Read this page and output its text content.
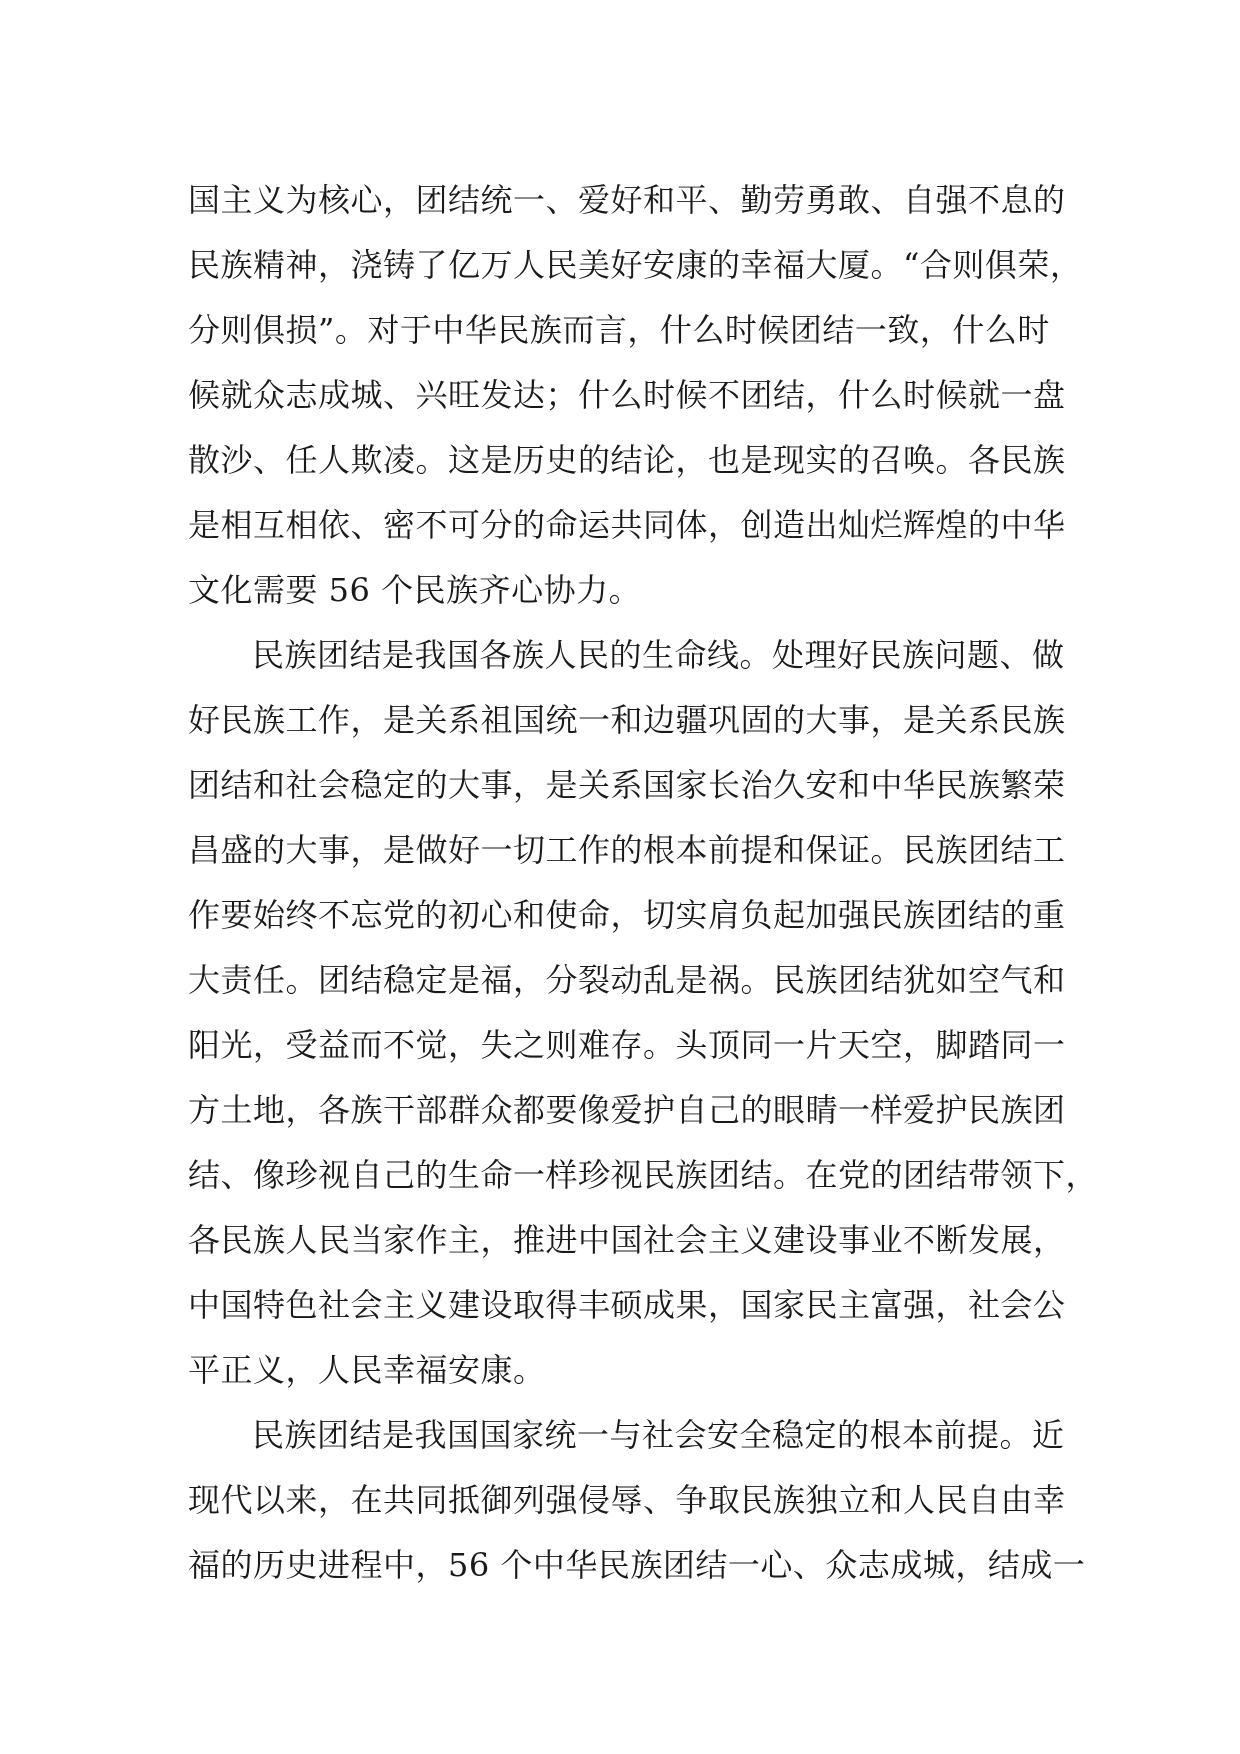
国主义为核心，团结统一、爱好和平、勤劳勇敢、自强不息的
民族精神，浇铸了亿万人民美好安康的幸福大厦。“合则俱荣，
分则俱损”。对于中华民族而言，什么时候团结一致，什么时
候就众志成城、兴旺发达；什么时候不团结，什么时候就一盘
散沙、任人欺凌。这是历史的结论，也是现实的召唤。各民族
是相互相依、密不可分的命运共同体，创造出灿烂辉煌的中华
文化需要 56 个民族齐心协力。
民族团结是我国各族人民的生命线。处理好民族问题、做
好民族工作，是关系祖国统一和边疆巩固的大事，是关系民族
团结和社会稳定的大事，是关系国家长治久安和中华民族繁荣
昌盛的大事，是做好一切工作的根本前提和保证。民族团结工
作要始终不忘党的初心和使命，切实肩负起加强民族团结的重
大责任。团结稳定是福，分裂动乱是祸。民族团结犹如空气和
阳光，受益而不觉，失之则难存。头顶同一片天空，脚踏同一
方土地，各族干部群众都要像爱护自己的眼睛一样爱护民族团
结、像珍视自己的生命一样珍视民族团结。在党的团结带领下，
各民族人民当家作主，推进中国社会主义建设事业不断发展，
中国特色社会主义建设取得丰硕成果，国家民主富强，社会公
平正义，人民幸福安康。
民族团结是我国国家统一与社会安全稳定的根本前提。近
现代以来，在共同抵御列强侵辱、争取民族独立和人民自由幸
福的历史进程中，56 个中华民族团结一心、众志成城，结成一
